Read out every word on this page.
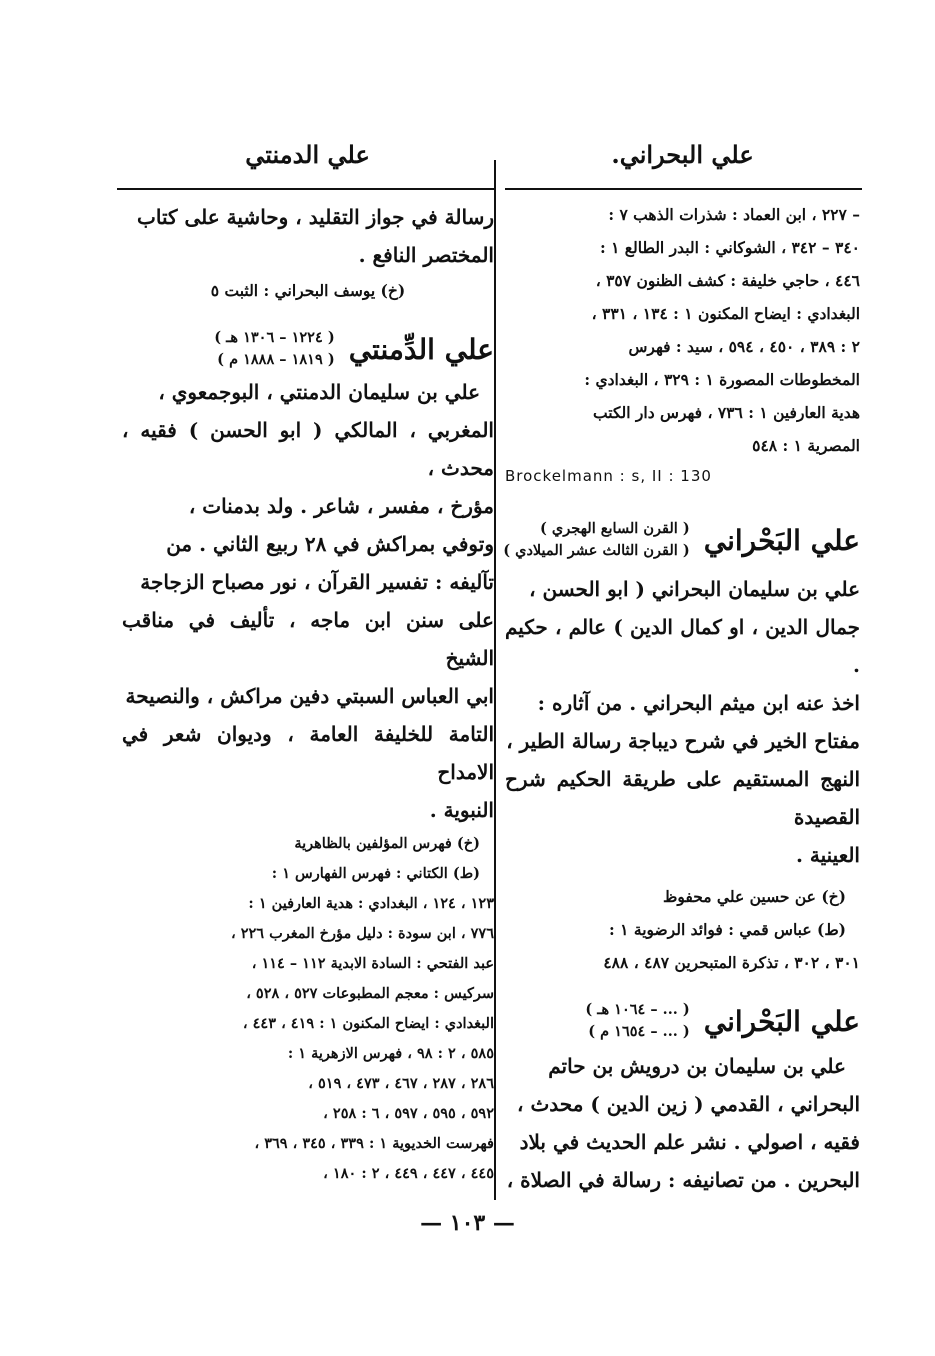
علي البحراني.
علي الدمنتي

– ٢٢٧ ، ابن العماد : شذرات الذهب ٧ :

٣٤٠ – ٣٤٢ ، الشوكاني : البدر الطالع ١ :

٤٤٦ ، حاجي خليفة : كشف الظنون ٣٥٧ ،

البغدادي : ايضاح المكنون ١ : ١٣٤ ، ٣٣١ ،

٢ : ٣٨٩ ، ٤٥٠ ، ٥٩٤ ، سيد : فهرس

المخطوطات المصورة ١ : ٣٢٩ ، البغدادي :

هدية العارفين ١ : ٧٣٦ ، فهرس دار الكتب

المصرية ١ : ٥٤٨

Brockelmann : s, II : 130

علي البَحْراني
( القرن السابع الهجري )
( القرن الثالث عشر الميلادي )

علي بن سليمان البحراني ( ابو الحسن ،

جمال الدين ، او كمال الدين ) عالم ، حكيم .

اخذ عنه ابن ميثم البحراني . من آثاره :

مفتاح الخير في شرح ديباجة رسالة الطير ،

النهج المستقيم على طريقة الحكيم شرح القصيدة

العينية .

(خ) عن حسين علي محفوظ

(ط) عباس قمي : فوائد الرضوية ١ :

٣٠١ ، ٣٠٢ ، تذكرة المتبحرين ٤٨٧ ، ٤٨٨

علي البَحْراني
( ... – ١٠٦٤ هـ )
( ... – ١٦٥٤ م )

علي بن سليمان بن درويش بن حاتم

البحراني ، القدمي ( زين الدين ) محدث ،

فقيه ، اصولي . نشر علم الحديث في بلاد

البحرين . من تصانيفه : رسالة في الصلاة ،

رسالة في جواز التقليد ، وحاشية على كتاب

المختصر النافع .

(خ) يوسف البحراني : الثبت ٥

علي الدِّمنتي
( ١٢٢٤ – ١٣٠٦ هـ )
( ١٨١٩ – ١٨٨٨ م )

علي بن سليمان الدمنتي ، البوجمعوي ،

المغربي ، المالكي ( ابو الحسن ) فقيه ، محدث ،

مؤرخ ، مفسر ، شاعر . ولد بدمنات ،

وتوفي بمراكش في ٢٨ ربيع الثاني . من

تآليفه : تفسير القرآن ، نور مصباح الزجاجة

على سنن ابن ماجه ، تأليف في مناقب الشيخ

ابي العباس السبتي دفين مراكش ، والنصيحة

التامة للخليفة العامة ، وديوان شعر في الامداح

النبوية .

(خ) فهرس المؤلفين بالظاهرية

(ط) الكتاني : فهرس الفهارس ١ :

١٢٣ ، ١٢٤ ، البغدادي : هدية العارفين ١ :

٧٧٦ ، ابن سودة : دليل مؤرخ المغرب ٢٢٦ ،

عبد الفتحي : السادة الابدية ١١٢ – ١١٤ ،

سركيس : معجم المطبوعات ٥٢٧ ، ٥٢٨ ،

البغدادي : ايضاح المكنون ١ : ٤١٩ ، ٤٤٣ ،

٥٨٥ ، ٢ : ٩٨ ، فهرس الازهرية ١ :

٢٨٦ ، ٢٨٧ ، ٤٦٧ ، ٤٧٣ ، ٥١٩ ،

٥٩٢ ، ٥٩٥ ، ٥٩٧ ، ٦ : ٢٥٨ ،

فهرست الخديوية ١ : ٣٣٩ ، ٣٤٥ ، ٣٦٩ ،

٤٤٥ ، ٤٤٧ ، ٤٤٩ ، ٢ : ١٨٠ ،

— ١٠٣ —
